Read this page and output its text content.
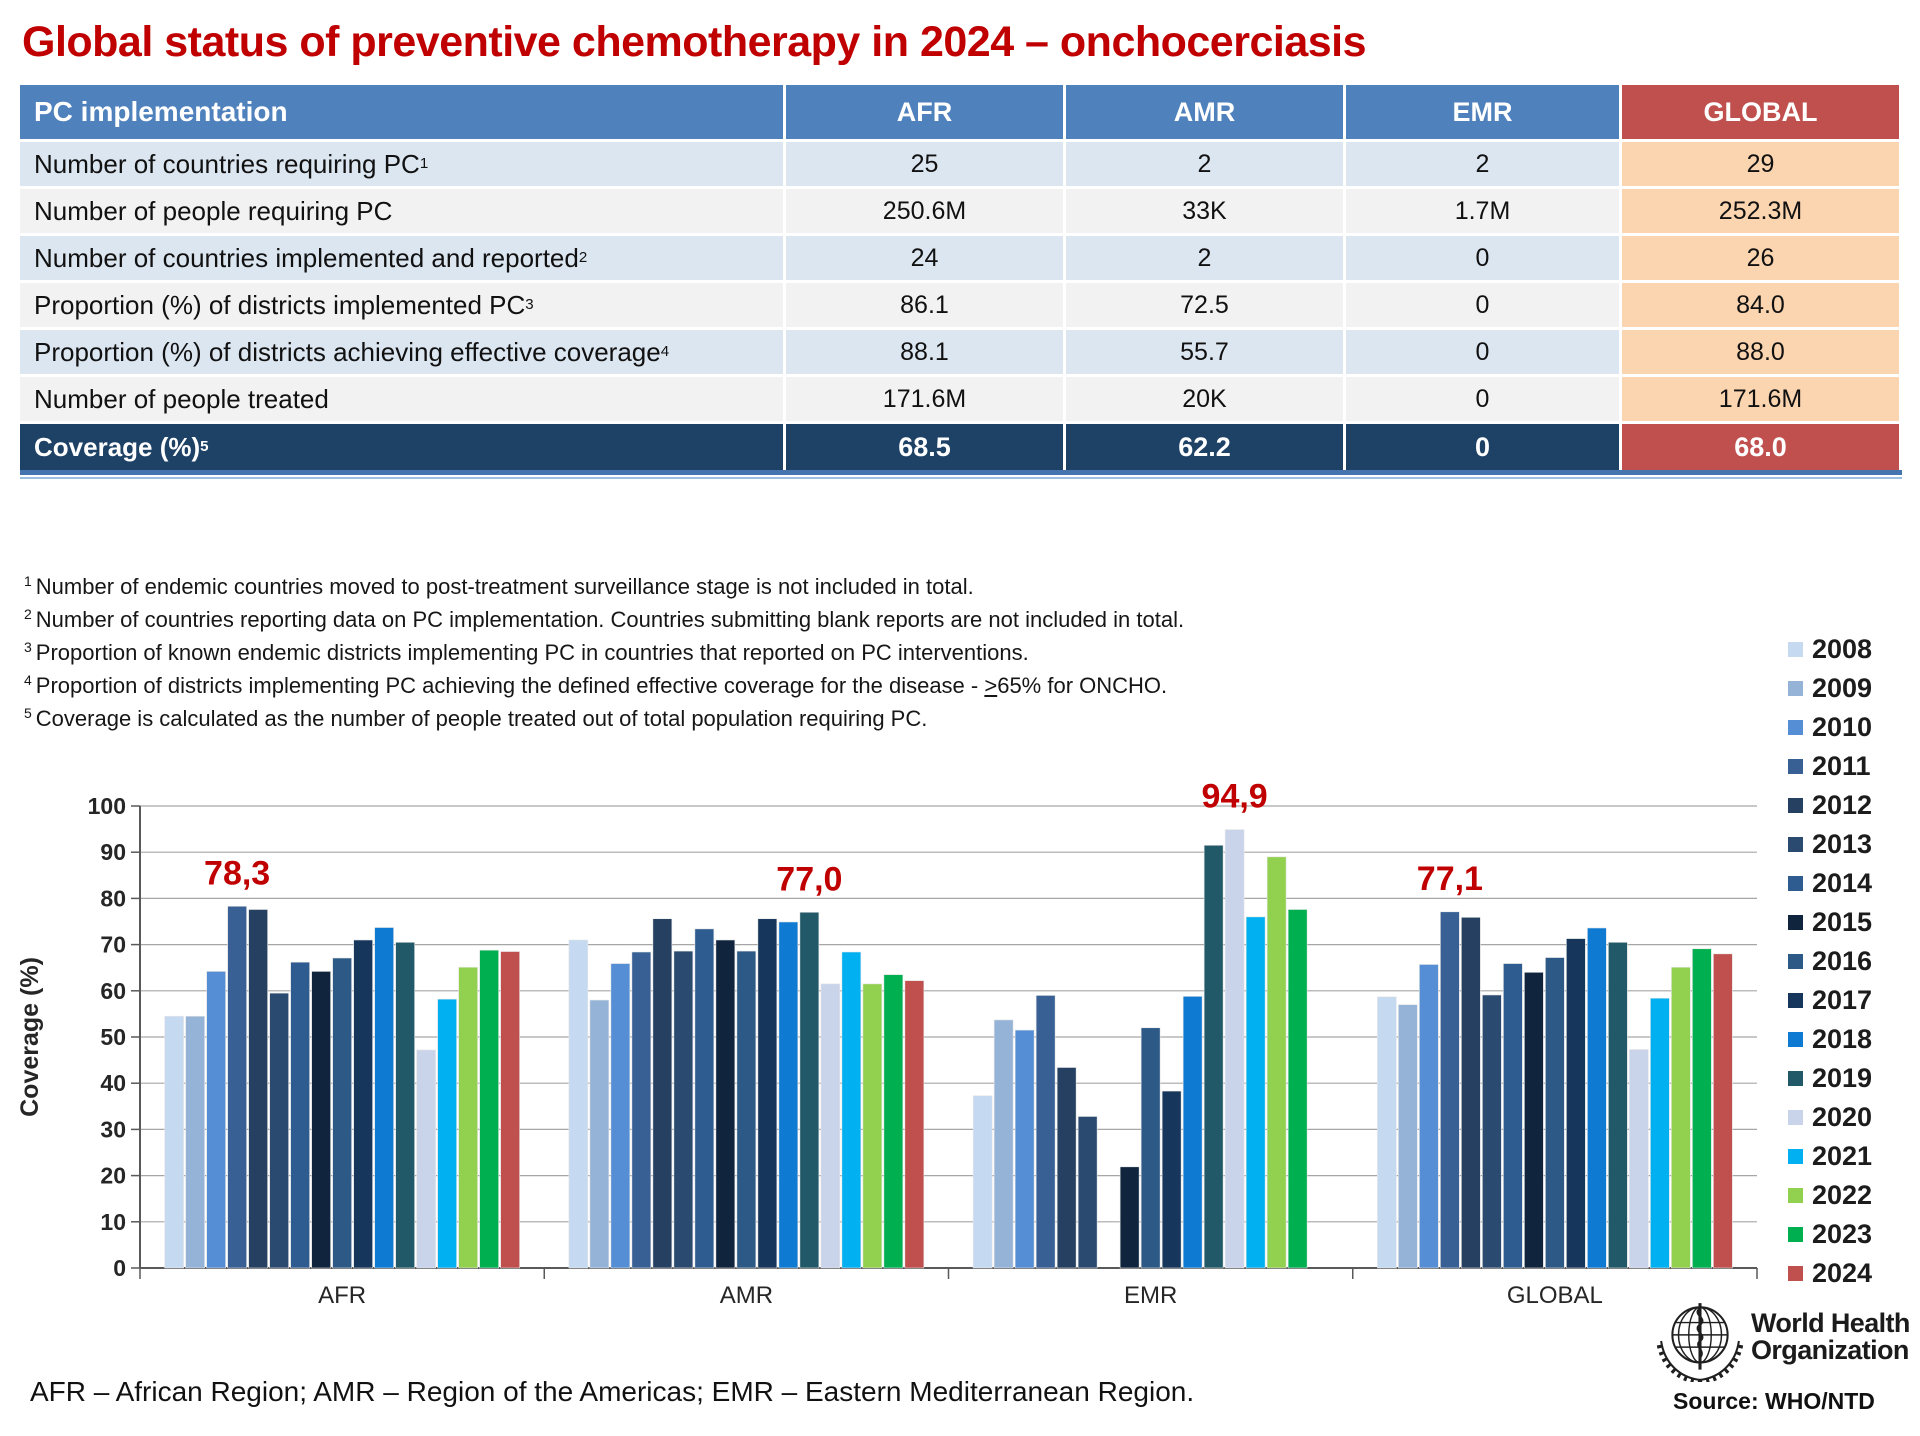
Global status of preventive chemotherapy in 2024 – onchocerciasis
PC implementation	AFR	AMR	EMR	GLOBAL
Number of countries requiring PC 1	25	2	2	29
Number of people requiring PC	250.6M	33K	1.7M	252.3M
Number of countries implemented and reported 2	24	2	0	26
Proportion (%) of districts implemented PC 3	86.1	72.5	0	84.0
Proportion (%) of districts achieving effective coverage 4	88.1	55.7	0	88.0
Number of people treated	171.6M	20K	0	171.6M
Coverage (%) 5	68.5	62.2	0	68.0
$^1$ Number of endemic countries moved to post-treatment surveillance stage is not included in total.
$^2$ Number of countries reporting data on PC implementation. Countries submitting blank reports are not included in total.
$^3$ Proportion of known endemic districts implementing PC in countries that reported on PC interventions.
$^4$ Proportion of districts implementing PC achieving the defined effective coverage for the disease - >65% for ONCHO.
$^5$ Coverage is calculated as the number of people treated out of total population requiring PC.
0
10
20
30
40
50
60
70
80
90
100
AFR	AMR	EMR	GLOBAL
78,3	77,0
94,9
77,1
Coverage (%)
2008
2009
2010
2011
2012
2013
2014
2015
2016
2017
2018
2019
2020
2021
2022
2023
2024
AFR – African Region; AMR – Region of the Americas; EMR – Eastern Mediterranean Region.
World Health
Organization
Source: WHO/NTD
